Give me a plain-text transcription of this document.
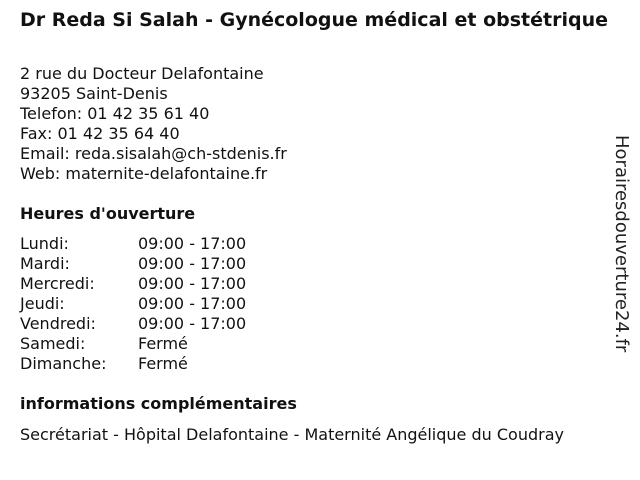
Dr Reda Si Salah - Gynécologue médical et obstétrique
2 rue du Docteur Delafontaine
93205 Saint-Denis
Telefon: 01 42 35 61 40
Fax: 01 42 35 64 40
Email: reda.sisalah@ch-stdenis.fr
Web: maternite-delafontaine.fr
Heures d'ouverture
Lundi:	09:00 - 17:00
Mardi:	09:00 - 17:00
Mercredi:	09:00 - 17:00
Jeudi:	09:00 - 17:00
Vendredi:	09:00 - 17:00
Samedi:	Fermé
Dimanche:	Fermé
informations complémentaires
Secrétariat - Hôpital Delafontaine - Maternité Angélique du Coudray
Horairesdouverture24.fr
